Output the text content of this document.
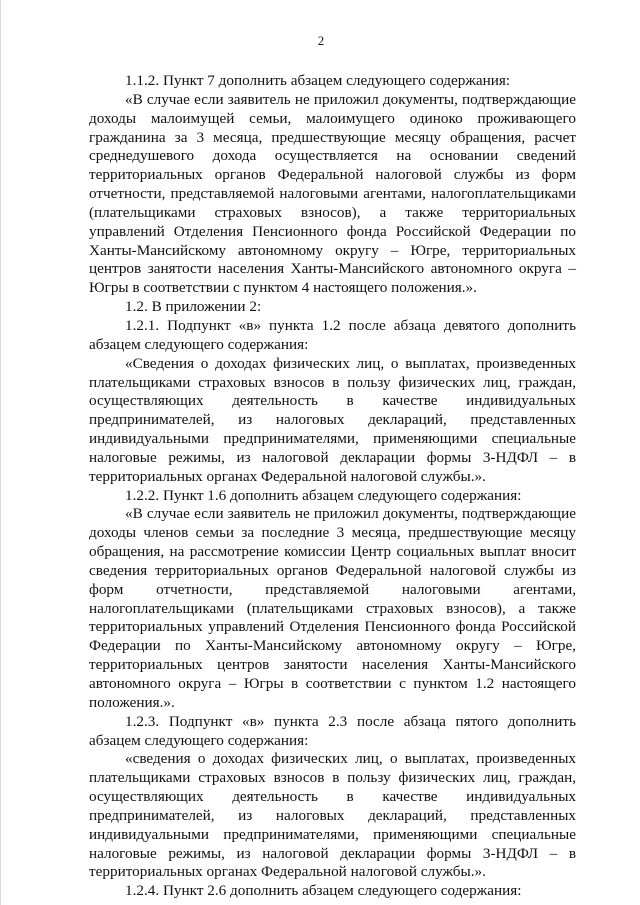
2

1.1.2. Пункт 7 дополнить абзацем следующего содержания:

«В случае если заявитель не приложил документы, подтверждающие доходы малоимущей семьи, малоимущего одиноко проживающего гражданина за 3 месяца, предшествующие месяцу обращения, расчет среднедушевого дохода осуществляется на основании сведений территориальных органов Федеральной налоговой службы из форм отчетности, представляемой налоговыми агентами, налогоплательщиками (плательщиками страховых взносов), а также территориальных управлений Отделения Пенсионного фонда Российской Федерации по Ханты-Мансийскому автономному округу – Югре, территориальных центров занятости населения Ханты-Мансийского автономного округа – Югры в соответствии с пунктом 4 настоящего положения.».

1.2. В приложении 2:

1.2.1. Подпункт «в» пункта 1.2 после абзаца девятого дополнить абзацем следующего содержания:

«Сведения о доходах физических лиц, о выплатах, произведенных плательщиками страховых взносов в пользу физических лиц, граждан, осуществляющих деятельность в качестве индивидуальных предпринимателей, из налоговых деклараций, представленных индивидуальными предпринимателями, применяющими специальные налоговые режимы, из налоговой декларации формы 3-НДФЛ – в территориальных органах Федеральной налоговой службы.».

1.2.2. Пункт 1.6 дополнить абзацем следующего содержания:

«В случае если заявитель не приложил документы, подтверждающие доходы членов семьи за последние 3 месяца, предшествующие месяцу обращения, на рассмотрение комиссии Центр социальных выплат вносит сведения территориальных органов Федеральной налоговой службы из форм отчетности, представляемой налоговыми агентами, налогоплательщиками (плательщиками страховых взносов), а также территориальных управлений Отделения Пенсионного фонда Российской Федерации по Ханты-Мансийскому автономному округу – Югре, территориальных центров занятости населения Ханты-Мансийского автономного округа – Югры в соответствии с пунктом 1.2 настоящего положения.».

1.2.3. Подпункт «в» пункта 2.3 после абзаца пятого дополнить абзацем следующего содержания:

«сведения о доходах физических лиц, о выплатах, произведенных плательщиками страховых взносов в пользу физических лиц, граждан, осуществляющих деятельность в качестве индивидуальных предпринимателей, из налоговых деклараций, представленных индивидуальными предпринимателями, применяющими специальные налоговые режимы, из налоговой декларации формы 3-НДФЛ – в территориальных органах Федеральной налоговой службы.».

1.2.4. Пункт 2.6 дополнить абзацем следующего содержания:
